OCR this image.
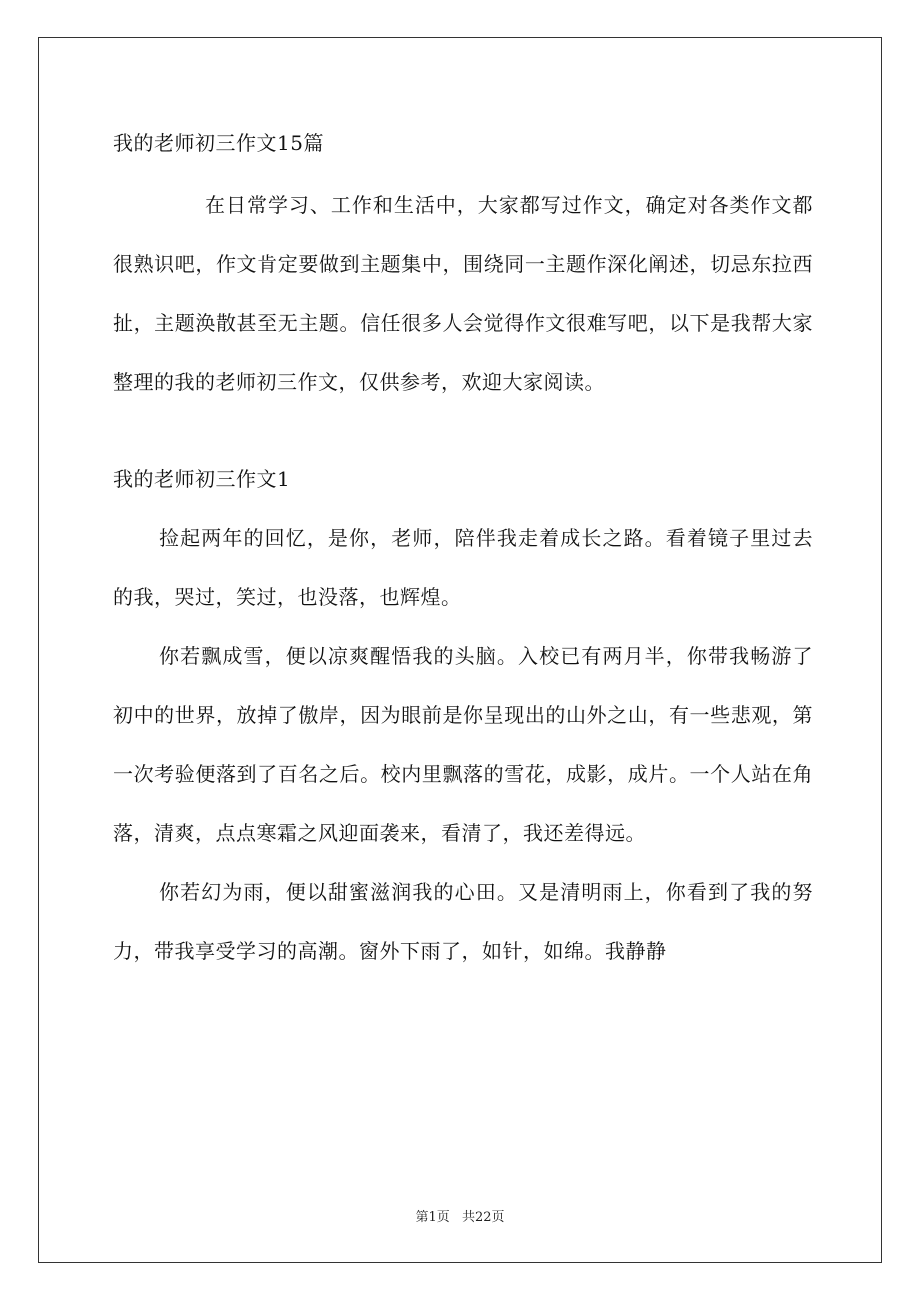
我的老师初三作文15篇

在日常学习、工作和生活中，大家都写过作文，确定对各类作文都很熟识吧，作文肯定要做到主题集中，围绕同一主题作深化阐述，切忌东拉西扯，主题涣散甚至无主题。信任很多人会觉得作文很难写吧，以下是我帮大家整理的我的老师初三作文，仅供参考，欢迎大家阅读。

我的老师初三作文1

捡起两年的回忆，是你，老师，陪伴我走着成长之路。看着镜子里过去的我，哭过，笑过，也没落，也辉煌。

你若飘成雪，便以凉爽醒悟我的头脑。入校已有两月半，你带我畅游了初中的世界，放掉了傲岸，因为眼前是你呈现出的山外之山，有一些悲观，第一次考验便落到了百名之后。校内里飘落的雪花，成影，成片。一个人站在角落，清爽，点点寒霜之风迎面袭来，看清了，我还差得远。

你若幻为雨，便以甜蜜滋润我的心田。又是清明雨上，你看到了我的努力，带我享受学习的高潮。窗外下雨了，如针，如绵。我静静

第1页 共22页
